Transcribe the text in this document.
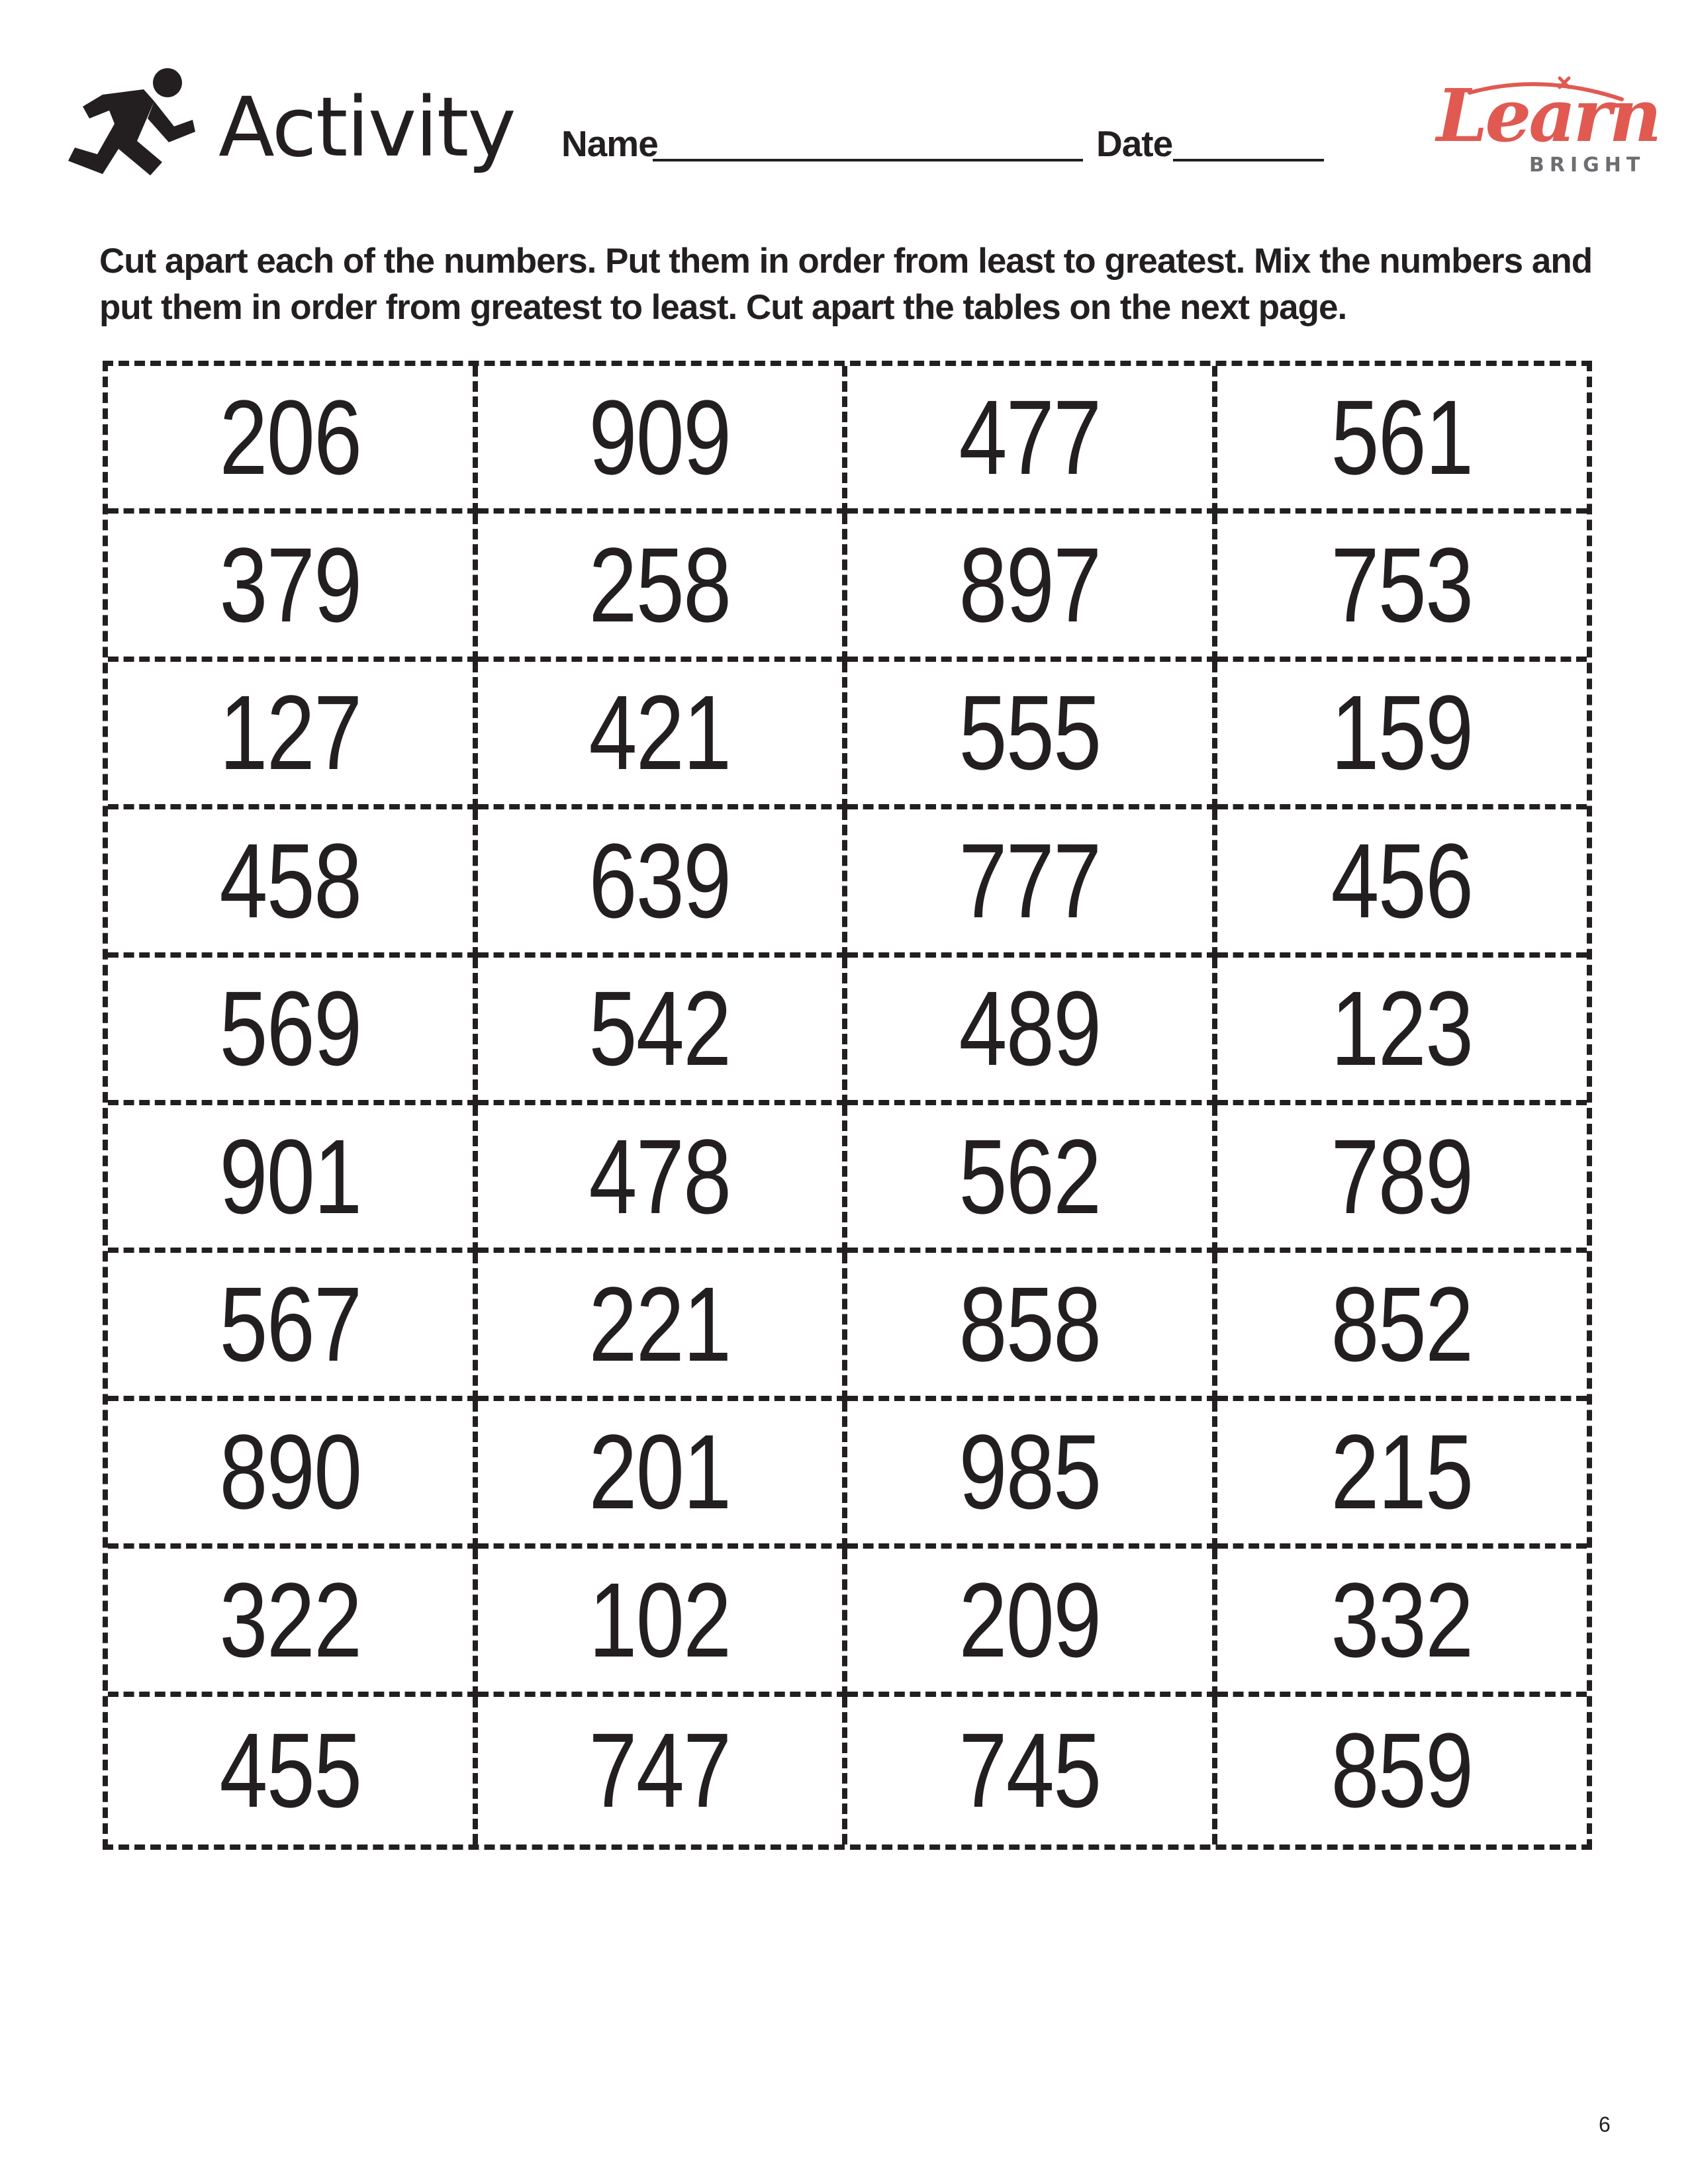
Activity Name	Date	Learn
BRIGHT
Cut apart each of the numbers. Put them in order from least to greatest. Mix the numbers and put them in order from greatest to least. Cut apart the tables on the next page.
206 909 477 561
379 258 897 753
127 421 555 159
458 639 777 456
569 542 489 123
901 478 562 789
567 221 858 852
890 201 985 215
322 102 209 332
455 747 745 859
6
